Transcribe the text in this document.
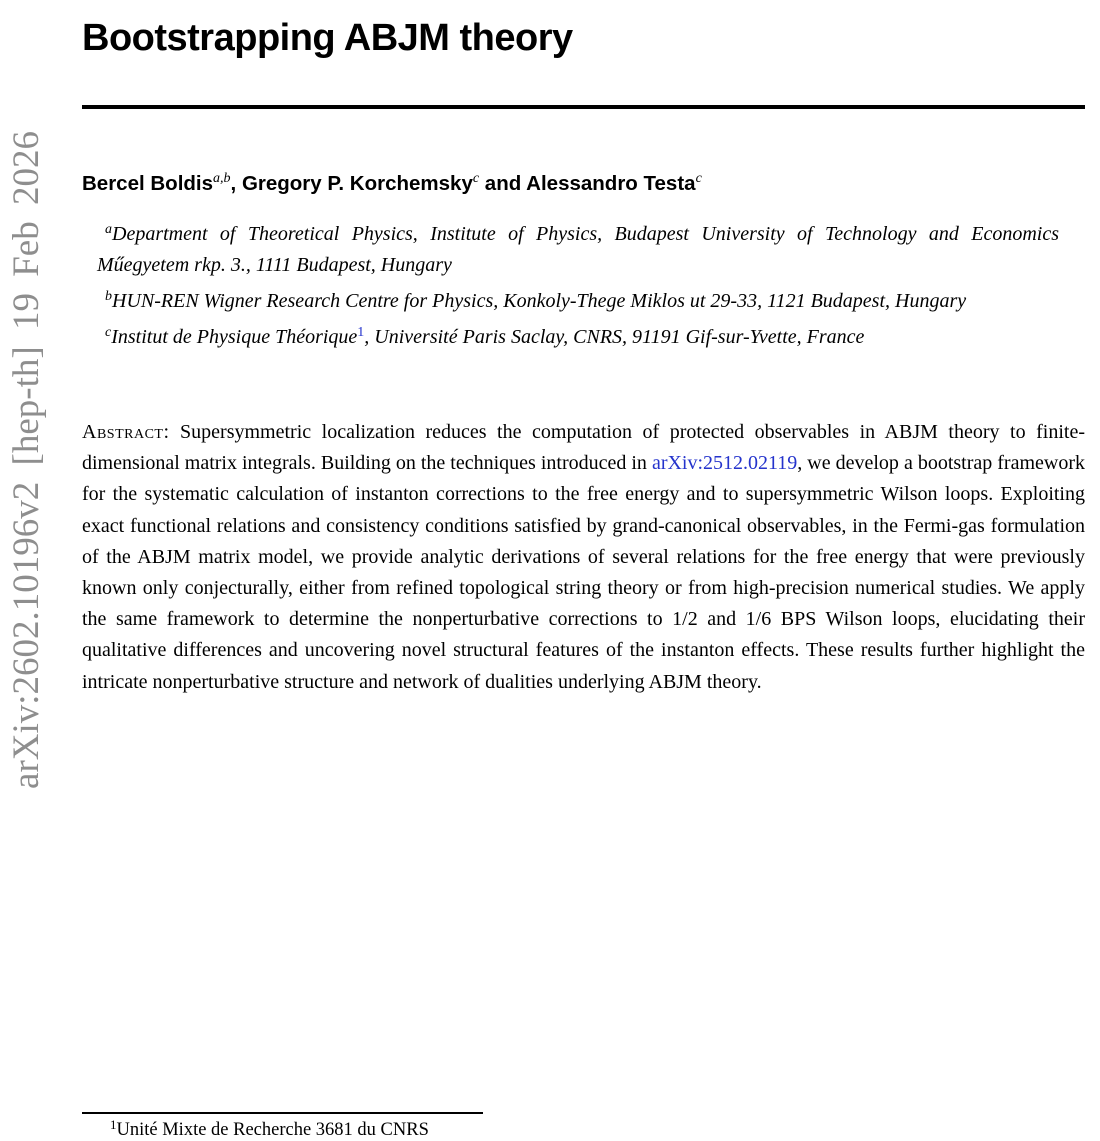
arXiv:2602.10196v2 [hep-th] 19 Feb 2026
Bootstrapping ABJM theory
Bercel Boldis$^{a,b}$, Gregory P. Korchemsky$^c$ and Alessandro Testa$^c$
$^a$Department of Theoretical Physics, Institute of Physics, Budapest University of Technology and Economics Műegyetem rkp. 3., 1111 Budapest, Hungary
$^b$HUN-REN Wigner Research Centre for Physics, Konkoly-Thege Miklos ut 29-33, 1121 Budapest, Hungary
$^c$Institut de Physique Théorique$^1$, Université Paris Saclay, CNRS, 91191 Gif-sur-Yvette, France
Abstract: Supersymmetric localization reduces the computation of protected observables in ABJM theory to finite-dimensional matrix integrals. Building on the techniques introduced in arXiv:2512.02119, we develop a bootstrap framework for the systematic calculation of instanton corrections to the free energy and to supersymmetric Wilson loops. Exploiting exact functional relations and consistency conditions satisfied by grand-canonical observables, in the Fermi-gas formulation of the ABJM matrix model, we provide analytic derivations of several relations for the free energy that were previously known only conjecturally, either from refined topological string theory or from high-precision numerical studies. We apply the same framework to determine the nonperturbative corrections to 1/2 and 1/6 BPS Wilson loops, elucidating their qualitative differences and uncovering novel structural features of the instanton effects. These results further highlight the intricate nonperturbative structure and network of dualities underlying ABJM theory.
$^1$Unité Mixte de Recherche 3681 du CNRS
